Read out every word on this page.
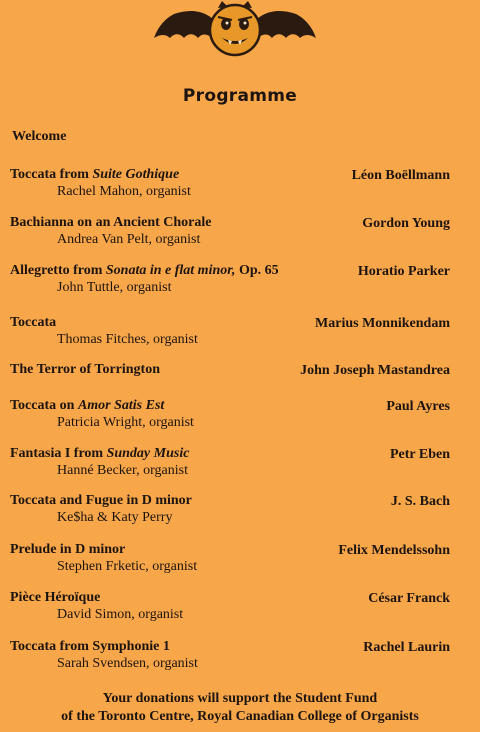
Programme
Welcome
Toccata from Suite Gothique
Rachel Mahon, organist
Léon Boëllmann
Bachianna on an Ancient Chorale
Andrea Van Pelt, organist
Gordon Young
Allegretto from Sonata in e flat minor, Op. 65
John Tuttle, organist
Horatio Parker
Toccata
Thomas Fitches, organist
Marius Monnikendam
The Terror of Torrington	John Joseph Mastandrea
Toccata on Amor Satis Est
Patricia Wright, organist
Paul Ayres
Fantasia I from Sunday Music
Hanné Becker, organist
Petr Eben
Toccata and Fugue in D minor
Ke$ha & Katy Perry
J. S. Bach
Prelude in D minor
Stephen Frketic, organist
Felix Mendelssohn
Pièce Héroïque
David Simon, organist
César Franck
Toccata from Symphonie 1
Sarah Svendsen, organist
Rachel Laurin
Your donations will support the Student Fund
of the Toronto Centre, Royal Canadian College of Organists
